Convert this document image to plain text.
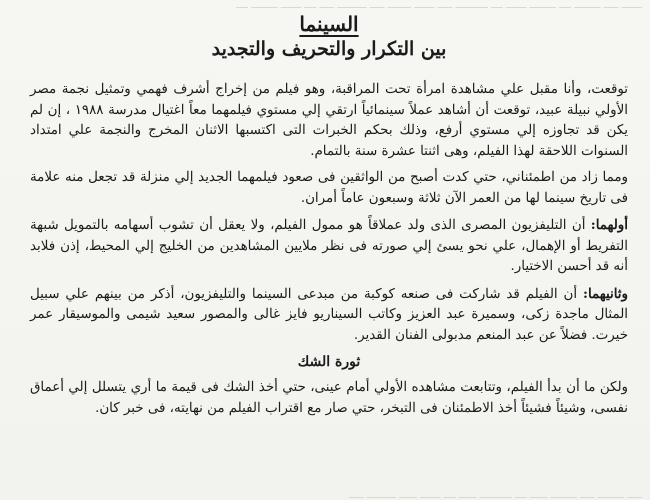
ـــــــ ـــــ ـــــــــ ــــ ـــــــــ ـــــــ ــــ ـــــــــــ ـــــ ـــــــ ــــــــ ـــــ ــــــــــ ـــــ ــــ ـــــــ ـــــــــ ــــ
السينما
بين التكرار والتحريف والتجديد

توقعت، وأنا مقبل علي مشاهدة امرأة تحت المراقبة، وهو فيلم من إخراج أشرف فهمي وتمثيل نجمة مصر الأولي نبيلة عبيد، توقعت أن أشاهد عملاً سينمائياً ارتقي إلي مستوي فيلمهما معاً اغتيال مدرسة ١٩٨٨ ، إن لم يكن قد تجاوزه إلي مستوي أرفع، وذلك بحكم الخبرات التى اكتسبها الاثنان المخرج والنجمة علي امتداد السنوات اللاحقة لهذا الفيلم، وهى اثنتا عشرة سنة بالتمام.

ومما زاد من اطمئناني، حتي كدت أصبح من الواثقين فى صعود فيلمهما الجديد إلي منزلة قد تجعل منه علامة فى تاريخ سينما لها من العمر الآن ثلاثة وسبعون عاماً أمران.

أولهما: أن التليفزيون المصرى الذى ولد عملاقاً هو ممول الفيلم، ولا يعقل أن تشوب أسهامه بالتمويل شبهة التفريط أو الإهمال، علي نحو يسئ إلي صورته فى نظر ملايين المشاهدين من الخليج إلي المحيط، إذن فلابد أنه قد أحسن الاختيار.

وثانيهما: أن الفيلم قد شاركت فى صنعه كوكبة من مبدعى السينما والتليفزيون، أذكر من بينهم علي سبيل المثال ماجدة زكى، وسميرة عبد العزيز وكاتب السيناريو فايز غالى والمصور سعيد شيمى والموسيقار عمر خيرت. فضلاً عن عبد المنعم مدبولى الفنان القدير.

ثورة الشك

ولكن ما أن بدأ الفيلم، وتتابعت مشاهده الأولي أمام عينى، حتي أخذ الشك فى قيمة ما أري يتسلل إلي أعماق نفسى، وشيئاً فشيئاً أخذ الاطمئنان فى التبخر، حتي صار مع اقتراب الفيلم من نهايته، فى خبر كان.

ـــــ ـــــــــ ـــــ ـــــــــ ــــــ ــــ ـــــــــــ ــــــ ــــ ـــــــ ــــــ ــــــــــ ـــــ
